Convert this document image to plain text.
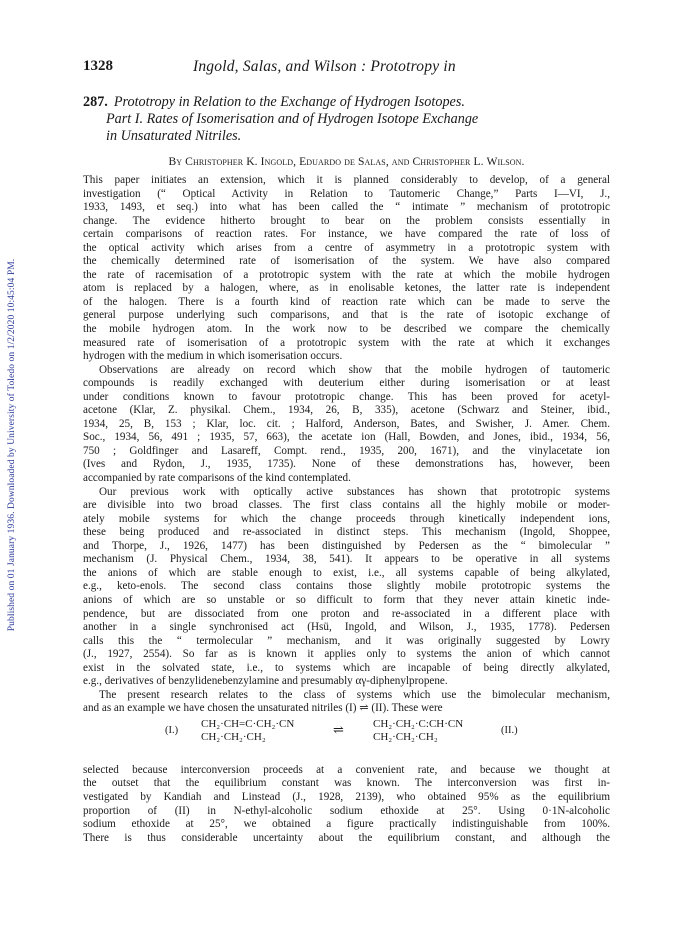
Published on 01 January 1936. Downloaded by University of Toledo on 1/2/2020 10:45:04 PM.
1328	Ingold, Salas, and Wilson : Prototropy in
287. Prototropy in Relation to the Exchange of Hydrogen Isotopes.
Part I. Rates of Isomerisation and of Hydrogen Isotope Exchange
in Unsaturated Nitriles.
By Christopher K. Ingold, Eduardo de Salas, and Christopher L. Wilson.
This paper initiates an extension, which it is planned considerably to develop, of a general
investigation (“ Optical Activity in Relation to Tautomeric Change,” Parts I—VI, J.,
1933, 1493, et seq.) into what has been called the “ intimate ” mechanism of prototropic
change. The evidence hitherto brought to bear on the problem consists essentially in
certain comparisons of reaction rates. For instance, we have compared the rate of loss of
the optical activity which arises from a centre of asymmetry in a prototropic system with
the chemically determined rate of isomerisation of the system. We have also compared
the rate of racemisation of a prototropic system with the rate at which the mobile hydrogen
atom is replaced by a halogen, where, as in enolisable ketones, the latter rate is independent
of the halogen. There is a fourth kind of reaction rate which can be made to serve the
general purpose underlying such comparisons, and that is the rate of isotopic exchange of
the mobile hydrogen atom. In the work now to be described we compare the chemically
measured rate of isomerisation of a prototropic system with the rate at which it exchanges
hydrogen with the medium in which isomerisation occurs.
Observations are already on record which show that the mobile hydrogen of tautomeric
compounds is readily exchanged with deuterium either during isomerisation or at least
under conditions known to favour prototropic change. This has been proved for acetyl-
acetone (Klar, Z. physikal. Chem., 1934, 26, B, 335), acetone (Schwarz and Steiner, ibid.,
1934, 25, B, 153 ; Klar, loc. cit. ; Halford, Anderson, Bates, and Swisher, J. Amer. Chem.
Soc., 1934, 56, 491 ; 1935, 57, 663), the acetate ion (Hall, Bowden, and Jones, ibid., 1934, 56,
750 ; Goldfinger and Lasareff, Compt. rend., 1935, 200, 1671), and the vinylacetate ion
(Ives and Rydon, J., 1935, 1735). None of these demonstrations has, however, been
accompanied by rate comparisons of the kind contemplated.
Our previous work with optically active substances has shown that prototropic systems
are divisible into two broad classes. The first class contains all the highly mobile or moder-
ately mobile systems for which the change proceeds through kinetically independent ions,
these being produced and re-associated in distinct steps. This mechanism (Ingold, Shoppee,
and Thorpe, J., 1926, 1477) has been distinguished by Pedersen as the “ bimolecular ”
mechanism (J. Physical Chem., 1934, 38, 541). It appears to be operative in all systems
the anions of which are stable enough to exist, i.e., all systems capable of being alkylated,
e.g., keto-enols. The second class contains those slightly mobile prototropic systems the
anions of which are so unstable or so difficult to form that they never attain kinetic inde-
pendence, but are dissociated from one proton and re-associated in a different place with
another in a single synchronised act (Hsü, Ingold, and Wilson, J., 1935, 1778). Pedersen
calls this the “ termolecular ” mechanism, and it was originally suggested by Lowry
(J., 1927, 2554). So far as is known it applies only to systems the anion of which cannot
exist in the solvated state, i.e., to systems which are incapable of being directly alkylated,
e.g., derivatives of benzylidenebenzylamine and presumably αγ-diphenylpropene.
The present research relates to the class of systems which use the bimolecular mechanism,
and as an example we have chosen the unsaturated nitriles (I) ⇌ (II). These were
(I.)
CH₂·CH=C·CH₂·CN
CH₂·CH₂·CH₂	⇌	CH₂·CH₂·C:CH·CN
CH₂·CH₂·CH₂
(II.)
selected because interconversion proceeds at a convenient rate, and because we thought at
the outset that the equilibrium constant was known. The interconversion was first in-
vestigated by Kandiah and Linstead (J., 1928, 2139), who obtained 95% as the equilibrium
proportion of (II) in N-ethyl-alcoholic sodium ethoxide at 25°. Using 0·1N-alcoholic
sodium ethoxide at 25°, we obtained a figure practically indistinguishable from 100%.
There is thus considerable uncertainty about the equilibrium constant, and although the
